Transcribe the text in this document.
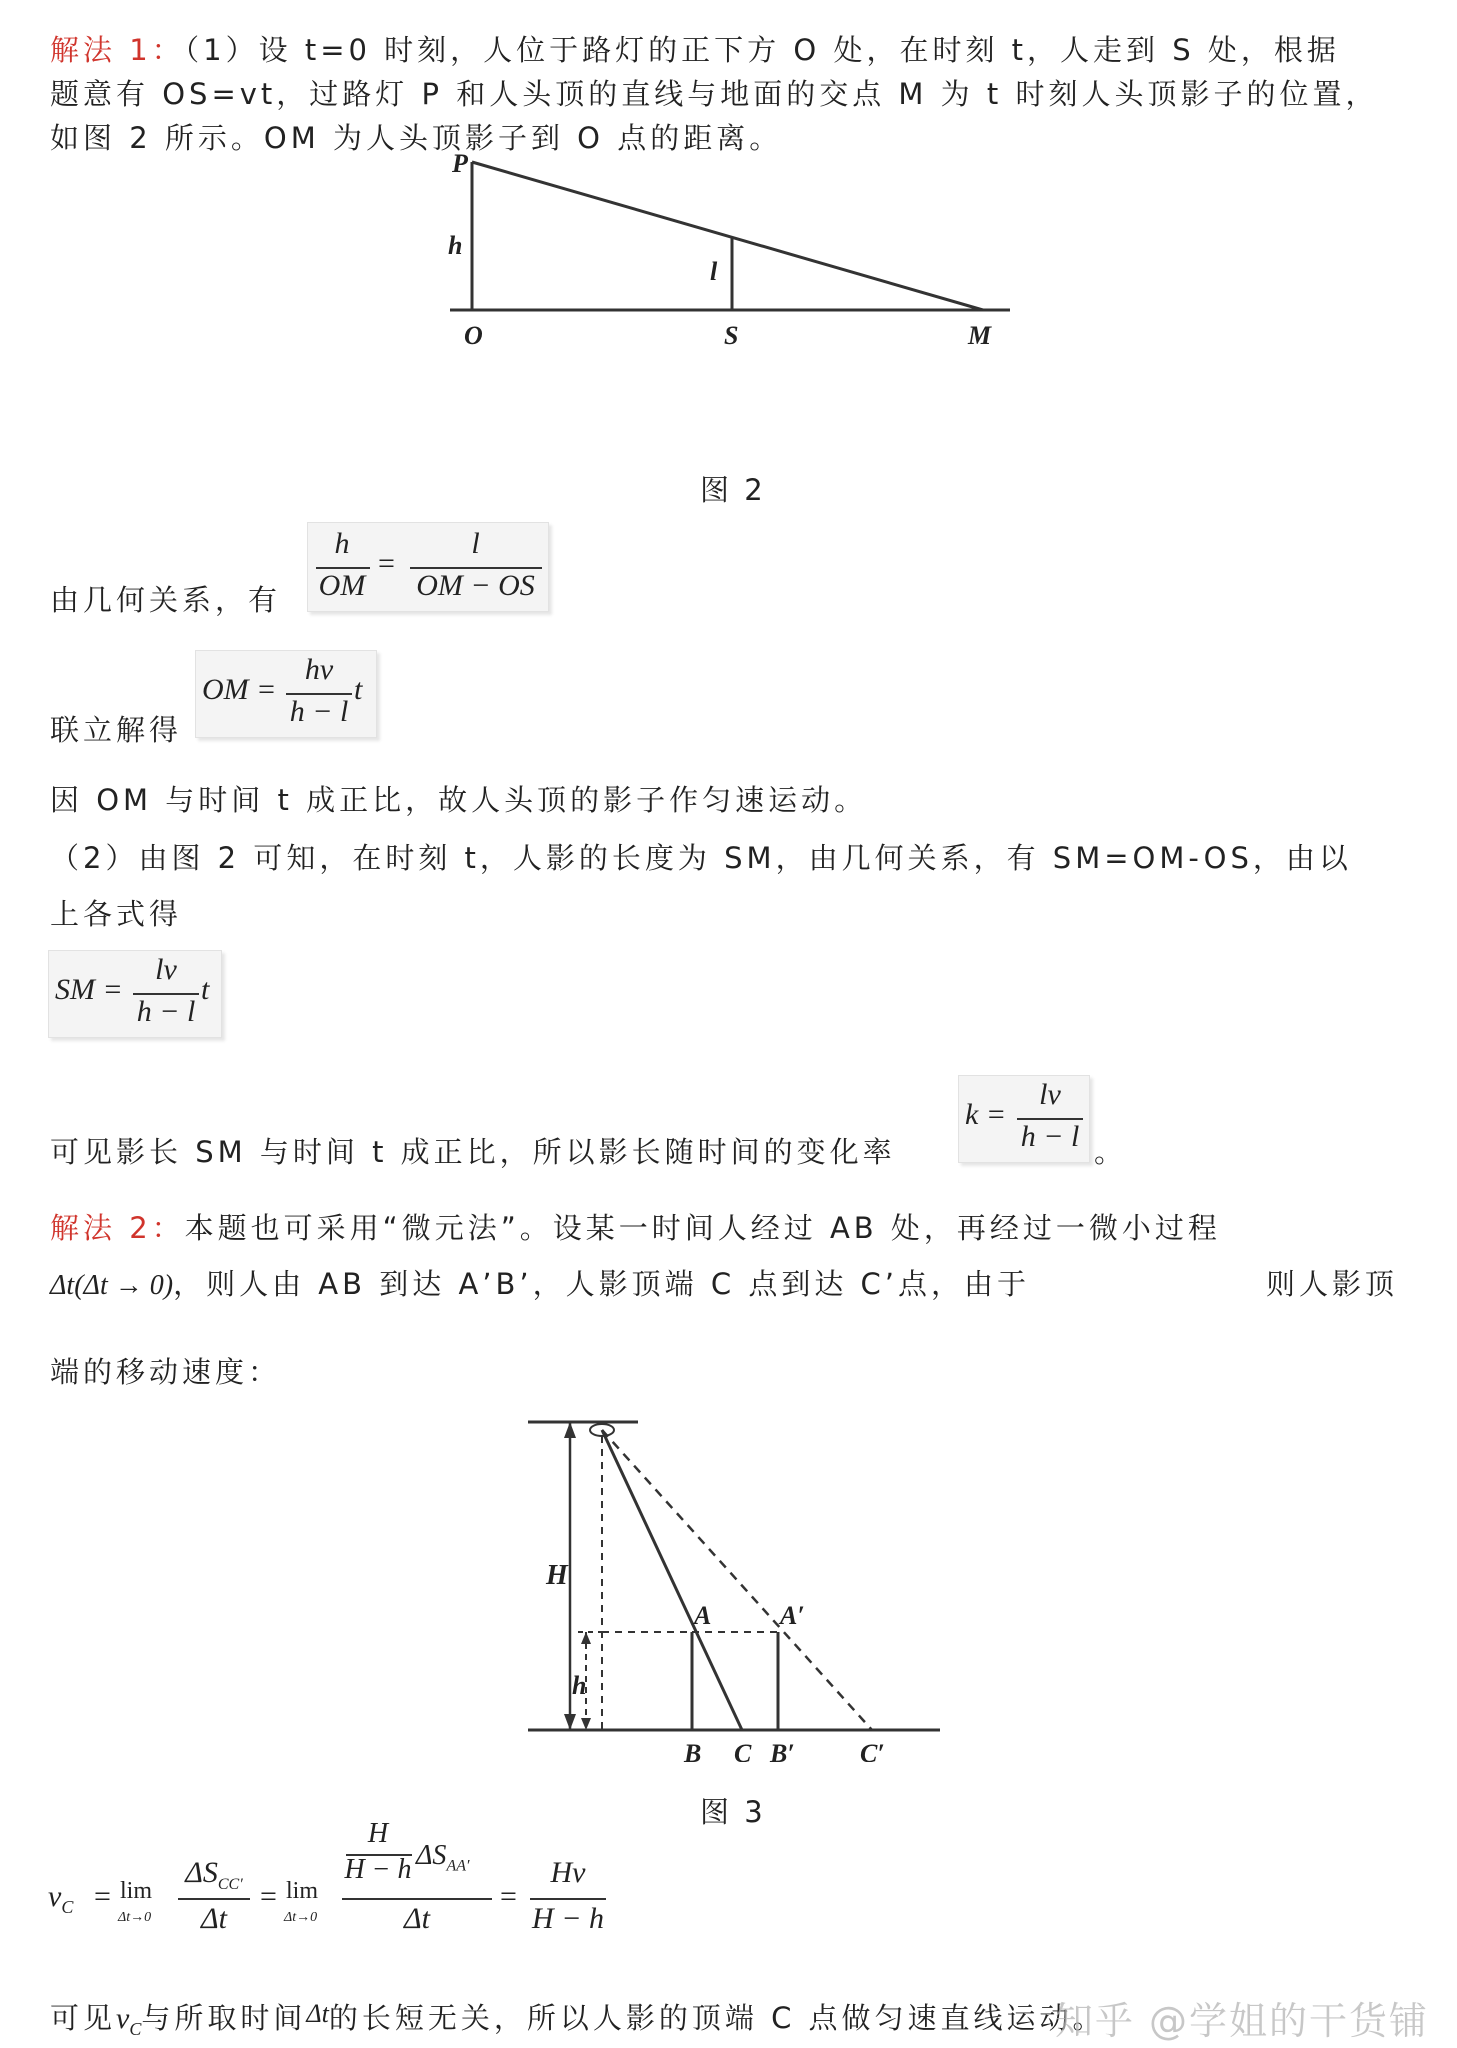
解法 1：（1）设 t=0 时刻，人位于路灯的正下方 O 处，在时刻 t，人走到 S 处，根据
题意有 OS=vt，过路灯 P 和人头顶的直线与地面的交点 M 为 t 时刻人头顶影子的位置，
如图 2 所示。OM 为人头顶影子到 O 点的距离。
P
h
l
O	S	M
图 2
由几何关系，有
h
OM
=
l
OM − OS
联立解得
OM =
hv
h − l
t
因 OM 与时间 t 成正比，故人头顶的影子作匀速运动。
（2）由图 2 可知，在时刻 t，人影的长度为 SM，由几何关系，有 SM=OM-OS，由以
上各式得
SM =
lv
h − l
t
可见影长 SM 与时间 t 成正比，所以影长随时间的变化率
k =
lv
h − l 。
解法 2：本题也可采用“微元法”。设某一时间人经过 AB 处，再经过一微小过程
Δt(Δt → 0)，则人由 AB 到达 A’B’，人影顶端 C 点到达 C’点，由于	则人影顶
端的移动速度：
H
h
A	A′
B C B′	C′
图 3
$v_C = \lim$
Δt→0
$\Delta S_{CC'}$
Δt
= lim
Δt→0
H
H − h $\Delta S_{AA'}$
Δt
=
Hv
H − h
可见$v_C$与所取时间Δt的长短无关，所以人影的顶端 C 点做匀速直线运动。
知乎 @学姐的干货铺
